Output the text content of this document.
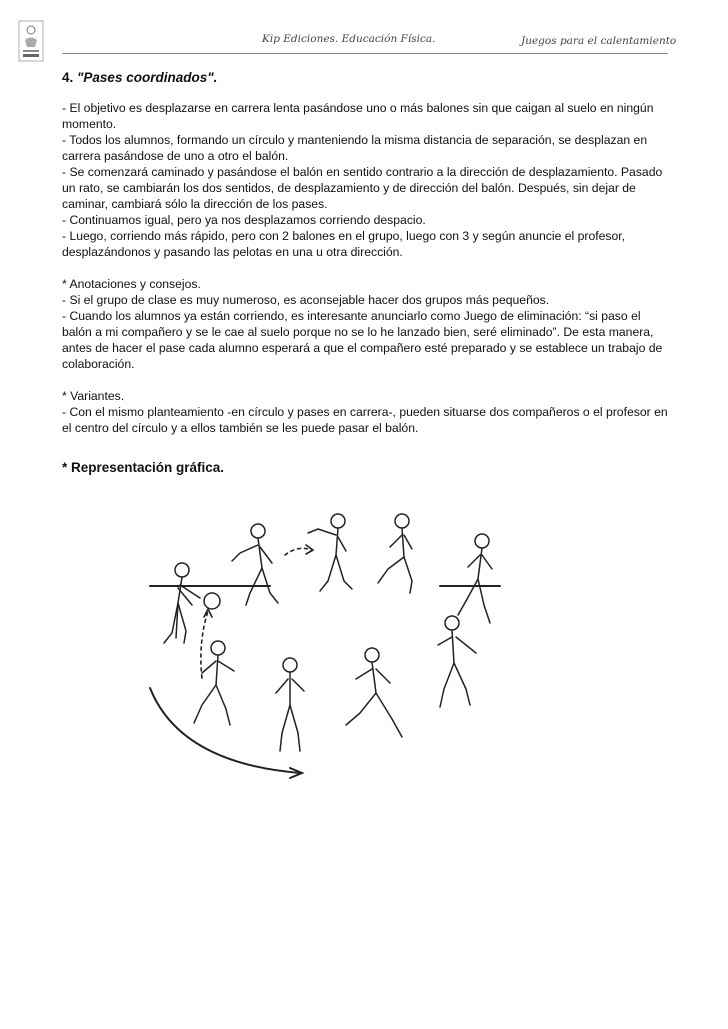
Kip Ediciones. Educación Física.	Juegos para el calentamiento

4. "Pases coordinados".

- El objetivo es desplazarse en carrera lenta pasándose uno o más balones sin que caigan al suelo en ningún momento.

- Todos los alumnos, formando un círculo y manteniendo la misma distancia de separación, se desplazan en carrera pasándose de uno a otro el balón.

- Se comenzará caminado y pasándose el balón en sentido contrario a la dirección de desplazamiento. Pasado un rato, se cambiarán los dos sentidos, de desplazamiento y de dirección del balón. Después, sin dejar de caminar, cambiará sólo la dirección de los pases.

- Continuamos igual, pero ya nos desplazamos corriendo despacio.

- Luego, corriendo más rápido, pero con 2 balones en el grupo, luego con 3 y según anuncie el profesor, desplazándonos y pasando las pelotas en una u otra dirección.

* Anotaciones y consejos.

- Si el grupo de clase es muy numeroso, es aconsejable hacer dos grupos más pequeños.

- Cuando los alumnos ya están corriendo, es interesante anunciarlo como Juego de eliminación: “si paso el balón a mi compañero y se le cae al suelo porque no se lo he lanzado bien, seré eliminado”. De esta manera, antes de hacer el pase cada alumno esperará a que el compañero esté preparado y se establece un trabajo de colaboración.

* Variantes.

- Con el mismo planteamiento -en círculo y pases en carrera-, pueden situarse dos compañeros o el profesor en el centro del círculo y a ellos también se les puede pasar el balón.

* Representación gráfica.
